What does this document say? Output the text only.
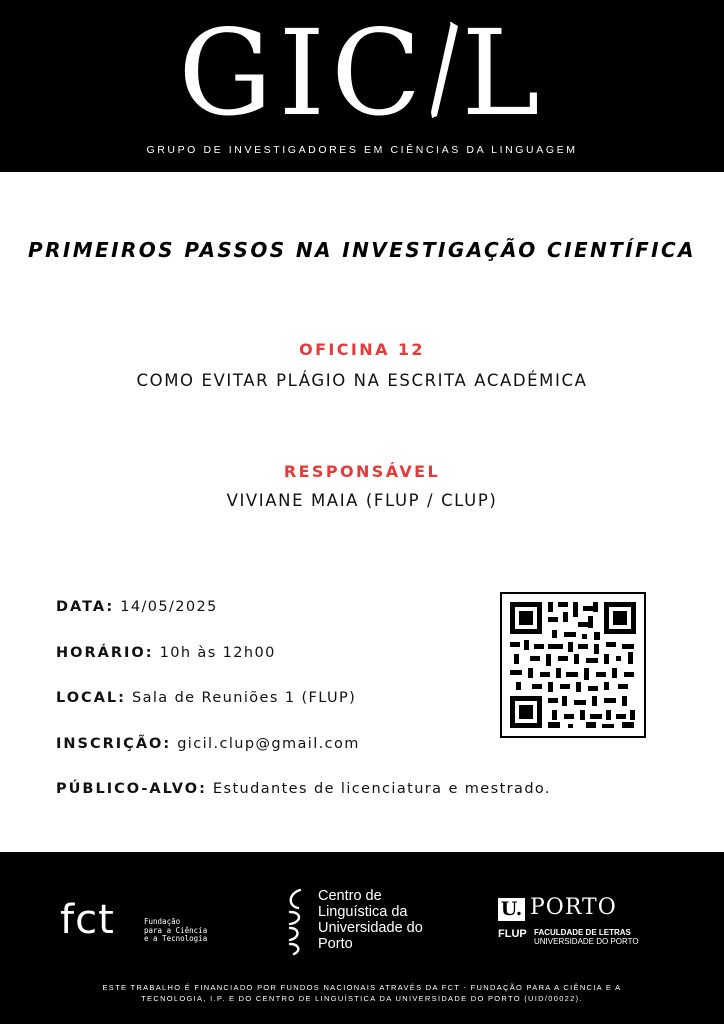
GIC L
GRUPO DE INVESTIGADORES EM CIÊNCIAS DA LINGUAGEM
PRIMEIROS PASSOS NA INVESTIGAÇÃO CIENTÍFICA
OFICINA 12
COMO EVITAR PLÁGIO NA ESCRITA ACADÉMICA
RESPONSÁVEL
VIVIANE MAIA (FLUP / CLUP)
DATA: 14/05/2025
HORÁRIO: 10h às 12h00
LOCAL: Sala de Reuniões 1 (FLUP)
INSCRIÇÃO: gicil.clup@gmail.com
PÚBLICO-ALVO: Estudantes de licenciatura e mestrado.
fct	Fundação
para a Ciência
e a Tecnologia
Centro de
Linguística da
Universidade do
Porto
U. PORTO
FLUP FACULDADE DE LETRAS
UNIVERSIDADE DO PORTO
ESTE TRABALHO É FINANCIADO POR FUNDOS NACIONAIS ATRAVÉS DA FCT - FUNDAÇÃO PARA A CIÊNCIA E A
TECNOLOGIA, I.P. E DO CENTRO DE LINGUÍSTICA DA UNIVERSIDADE DO PORTO (UID/00022).
